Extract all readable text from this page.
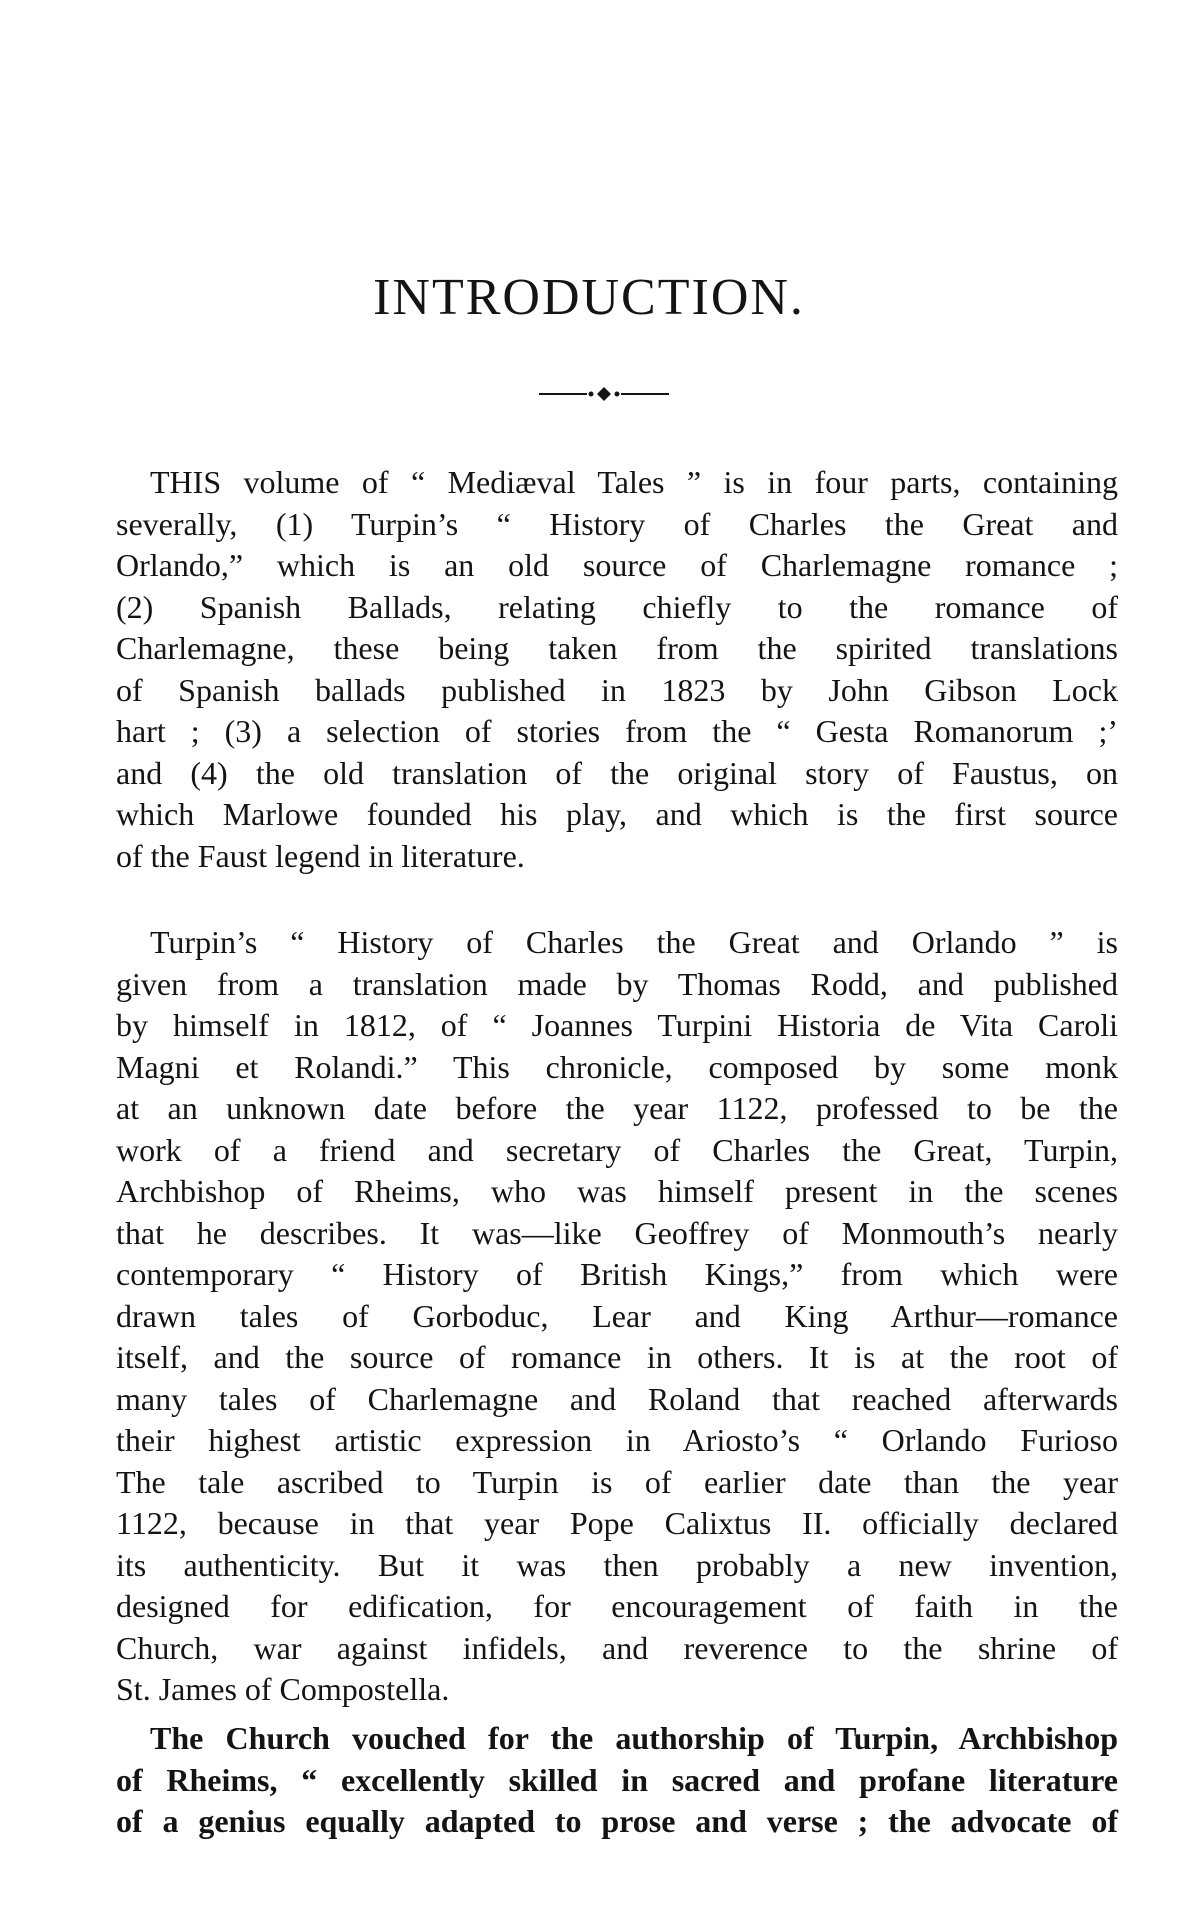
INTRODUCTION.
THIS volume of “ Mediæval Tales ” is in four parts, containing
severally, (1) Turpin’s “ History of Charles the Great and
Orlando,” which is an old source of Charlemagne romance ;
(2) Spanish Ballads, relating chiefly to the romance of
Charlemagne, these being taken from the spirited translations
of Spanish ballads published in 1823 by John Gibson Lock
hart ; (3) a selection of stories from the “ Gesta Romanorum ;’
and (4) the old translation of the original story of Faustus, on
which Marlowe founded his play, and which is the first source
of the Faust legend in literature.
Turpin’s “ History of Charles the Great and Orlando ” is
given from a translation made by Thomas Rodd, and published
by himself in 1812, of “ Joannes Turpini Historia de Vita Caroli
Magni et Rolandi.” This chronicle, composed by some monk
at an unknown date before the year 1122, professed to be the
work of a friend and secretary of Charles the Great, Turpin,
Archbishop of Rheims, who was himself present in the scenes
that he describes. It was—like Geoffrey of Monmouth’s nearly
contemporary “ History of British Kings,” from which were
drawn tales of Gorboduc, Lear and King Arthur—romance
itself, and the source of romance in others. It is at the root of
many tales of Charlemagne and Roland that reached afterwards
their highest artistic expression in Ariosto’s “ Orlando Furioso
The tale ascribed to Turpin is of earlier date than the year
1122, because in that year Pope Calixtus II. officially declared
its authenticity. But it was then probably a new invention,
designed for edification, for encouragement of faith in the
Church, war against infidels, and reverence to the shrine of
St. James of Compostella.
The Church vouched for the authorship of Turpin, Archbishop
of Rheims, “ excellently skilled in sacred and profane literature
of a genius equally adapted to prose and verse ; the advocate of
